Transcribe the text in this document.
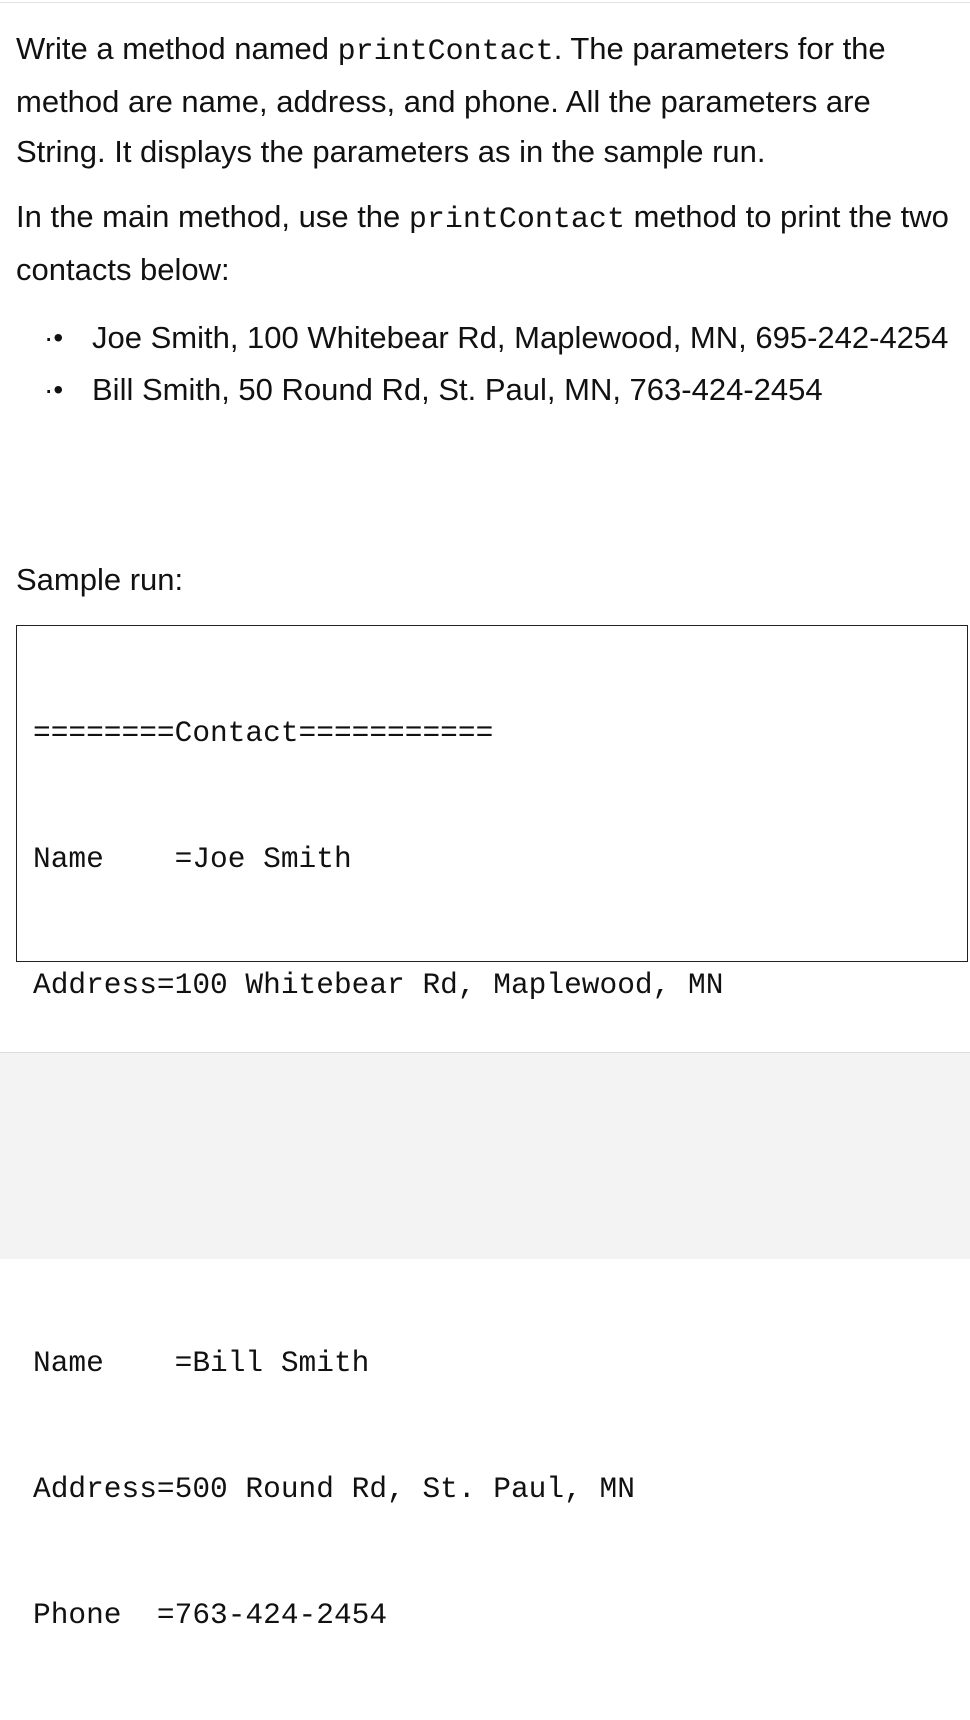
Write a method named printContact. The parameters for the method are name, address, and phone. All the parameters are String. It displays the parameters as in the sample run.

In the main method, use the printContact method to print the two contacts below:

·• Joe Smith, 100 Whitebear Rd, Maplewood, MN, 695-242-4254
·• Bill Smith, 50 Round Rd, St. Paul, MN, 763-424-2454

Sample run:

========Contact===========

Name    =Joe Smith

Address=100 Whitebear Rd, Maplewood, MN

Name    =Bill Smith

Address=500 Round Rd, St. Paul, MN

Phone  =763-424-2454
